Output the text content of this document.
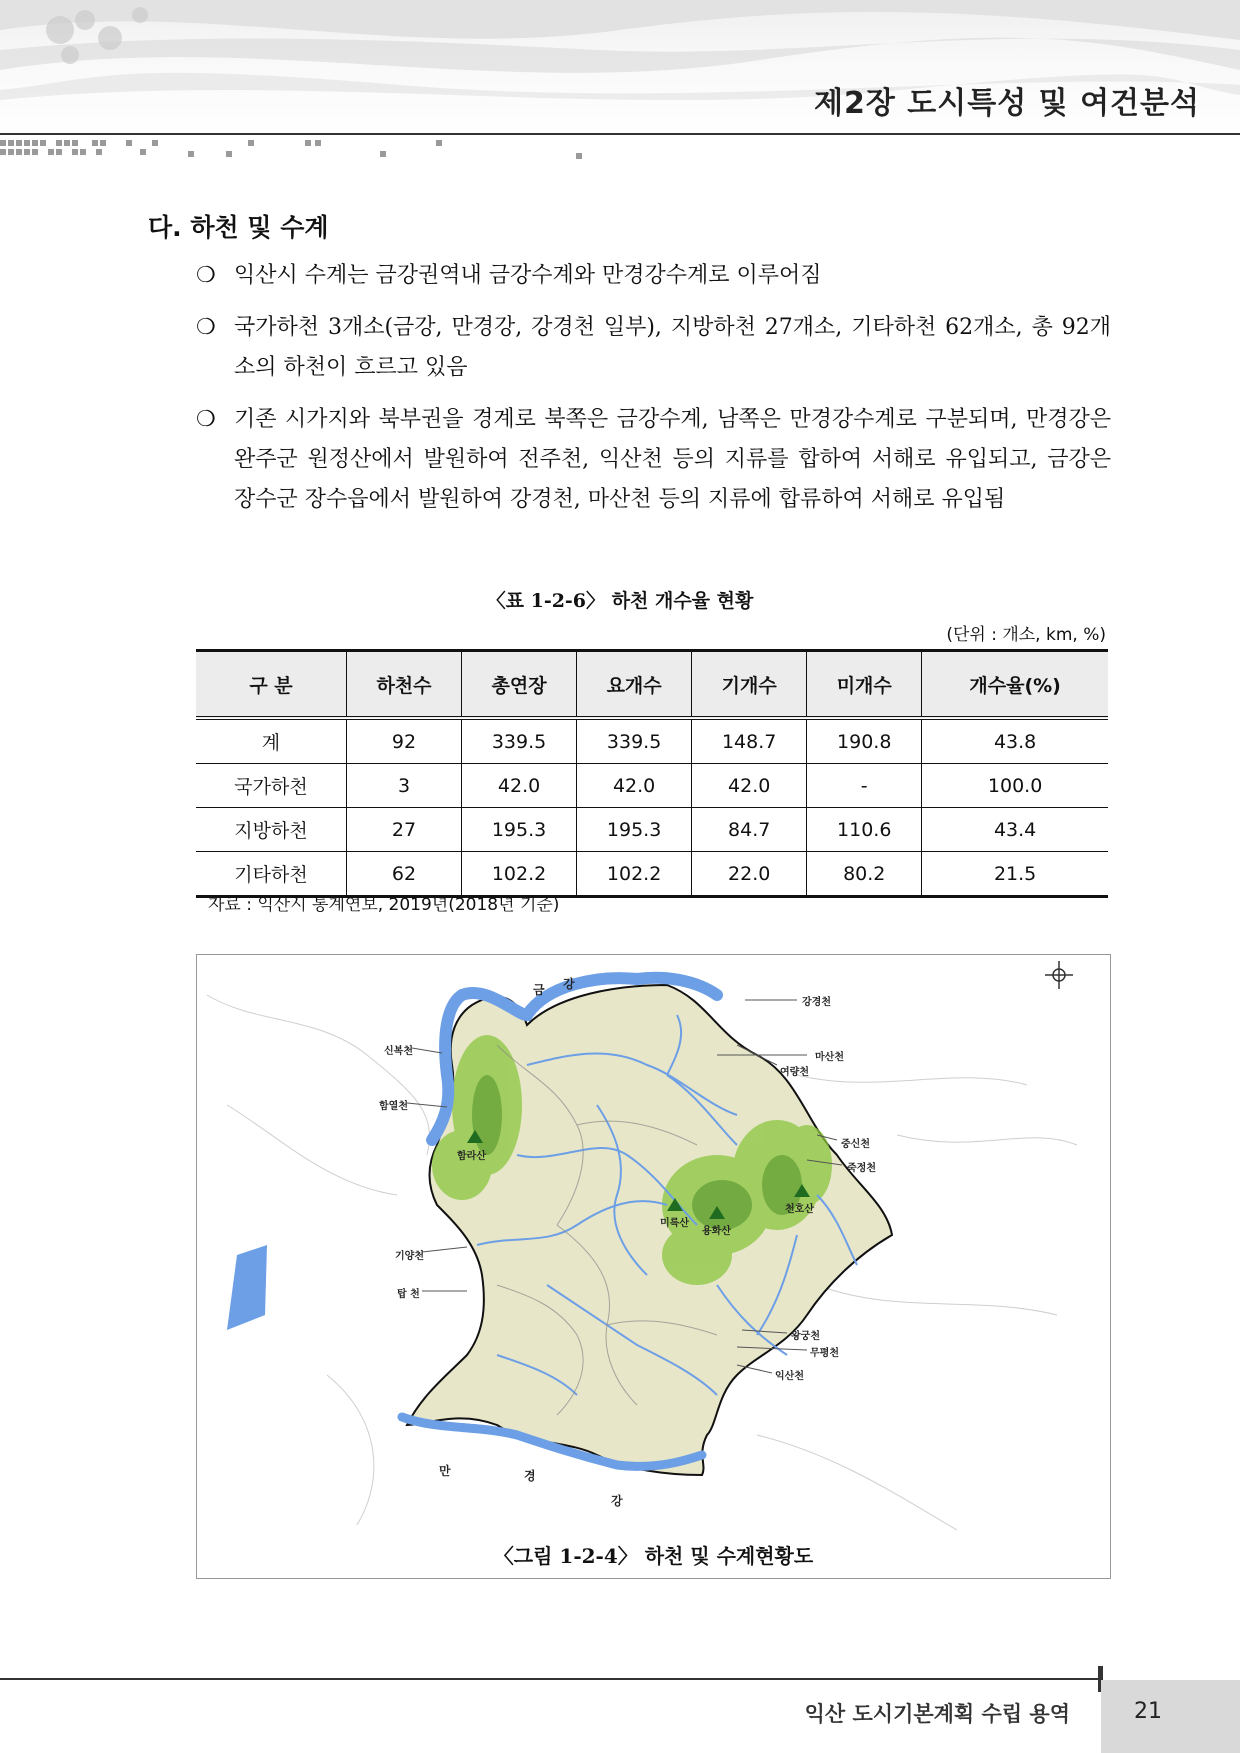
제2장 도시특성 및 여건분석
다. 하천 및 수계
❍ 익산시 수계는 금강권역내 금강수계와 만경강수계로 이루어짐
❍ 국가하천 3개소(금강, 만경강, 강경천 일부), 지방하천 27개소, 기타하천 62개소, 총 92개소의 하천이 흐르고 있음
❍ 기존 시가지와 북부권을 경계로 북쪽은 금강수계, 남쪽은 만경강수계로 구분되며, 만경강은 완주군 원정산에서 발원하여 전주천, 익산천 등의 지류를 합하여 서해로 유입되고, 금강은 장수군 장수읍에서 발원하여 강경천, 마산천 등의 지류에 합류하여 서해로 유입됨
〈표 1-2-6〉 하천 개수율 현황
(단위 : 개소, km, %)
구 분	하천수	총연장	요개수	기개수	미개수	개수율(%)
계	92	339.5	339.5	148.7	190.8	43.8
국가하천	3	42.0	42.0	42.0	-	100.0
지방하천	27	195.3	195.3	84.7	110.6	43.4
기타하천	62	102.2	102.2	22.0	80.2	21.5
자료 : 익산시 통계연보, 2019년(2018년 기준)
금 강
만	경
강
강경천
마산천
여량천
신복천
함열천
기양천
탑 천
중신천
죽정천
왕궁천
무평천
익산천
함라산
미륵산
용화산
천호산
〈그림 1-2-4〉 하천 및 수계현황도
익산 도시기본계획 수립 용역	21
